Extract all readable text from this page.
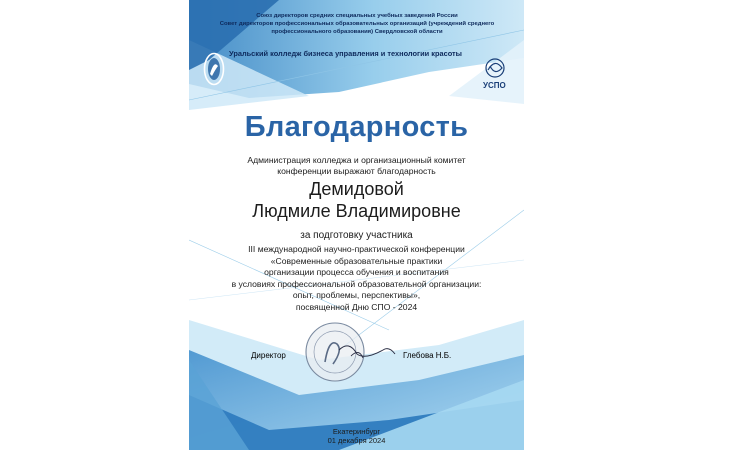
Союз директоров средних специальных учебных заведений России
Совет директоров профессиональных образовательных организаций (учреждений среднего
профессионального образования) Свердловской области
Уральский колледж бизнеса управления и технологии красоты
УСПО
Благодарность
Администрация колледжа и организационный комитет
конференции выражают благодарность
Демидовой
Людмиле Владимировне
за подготовку участника
III международной научно-практической конференции
«Современные образовательные практики
организации процесса обучения и воспитания
в условиях профессиональной образовательной организации:
опыт, проблемы, перспективы»,
посвященной Дню СПО - 2024
Директор	Глебова Н.Б.
Екатеринбург
01 декабря 2024
